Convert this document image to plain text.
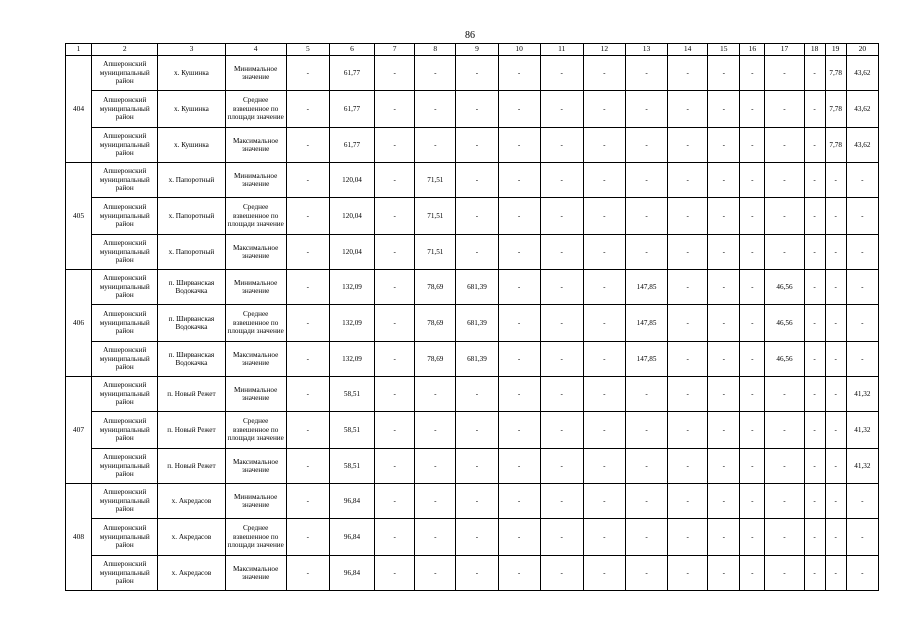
86
1	2	3	4	5	6	7	8	9	10	11	12	13	14	15	16	17	18	19	20
404	Апшеронский муниципальный район	х. Кушинка	Минимальное значение	-	61,77	-	-	-	-	-	-	-	-	-	-	-	-	7,78	43,62
	Апшеронский муниципальный район	х. Кушинка	Среднее взвешенное по площади значение	-	61,77	-	-	-	-	-	-	-	-	-	-	-	-	7,78	43,62
	Апшеронский муниципальный район	х. Кушинка	Максимальное значение	-	61,77	-	-	-	-	-	-	-	-	-	-	-	-	7,78	43,62
405	Апшеронский муниципальный район	х. Папоротный	Минимальное значение	-	120,04	-	71,51	-	-	-	-	-	-	-	-	-	-	-	-
	Апшеронский муниципальный район	х. Папоротный	Среднее взвешенное по площади значение	-	120,04	-	71,51	-	-	-	-	-	-	-	-	-	-	-	-
	Апшеронский муниципальный район	х. Папоротный	Максимальное значение	-	120,04	-	71,51	-	-	-	-	-	-	-	-	-	-	-	-
406	Апшеронский муниципальный район	п. Ширванская Водокачка	Минимальное значение	-	132,09	-	78,69	681,39	-	-	-	147,85	-	-	-	46,56	-	-	-
	Апшеронский муниципальный район	п. Ширванская Водокачка	Среднее взвешенное по площади значение	-	132,09	-	78,69	681,39	-	-	-	147,85	-	-	-	46,56	-	-	-
	Апшеронский муниципальный район	п. Ширванская Водокачка	Максимальное значение	-	132,09	-	78,69	681,39	-	-	-	147,85	-	-	-	46,56	-	-	-
407	Апшеронский муниципальный район	п. Новый Режет	Минимальное значение	-	58,51	-	-	-	-	-	-	-	-	-	-	-	-	-	41,32
	Апшеронский муниципальный район	п. Новый Режет	Среднее взвешенное по площади значение	-	58,51	-	-	-	-	-	-	-	-	-	-	-	-	-	41,32
	Апшеронский муниципальный район	п. Новый Режет	Максимальное значение	-	58,51	-	-	-	-	-	-	-	-	-	-	-	-	-	41,32
408	Апшеронский муниципальный район	х. Акредасов	Минимальное значение	-	96,84	-	-	-	-	-	-	-	-	-	-	-	-	-	-
	Апшеронский муниципальный район	х. Акредасов	Среднее взвешенное по площади значение	-	96,84	-	-	-	-	-	-	-	-	-	-	-	-	-	-
	Апшеронский муниципальный район	х. Акредасов	Максимальное значение	-	96,84	-	-	-	-	-	-	-	-	-	-	-	-	-	-
